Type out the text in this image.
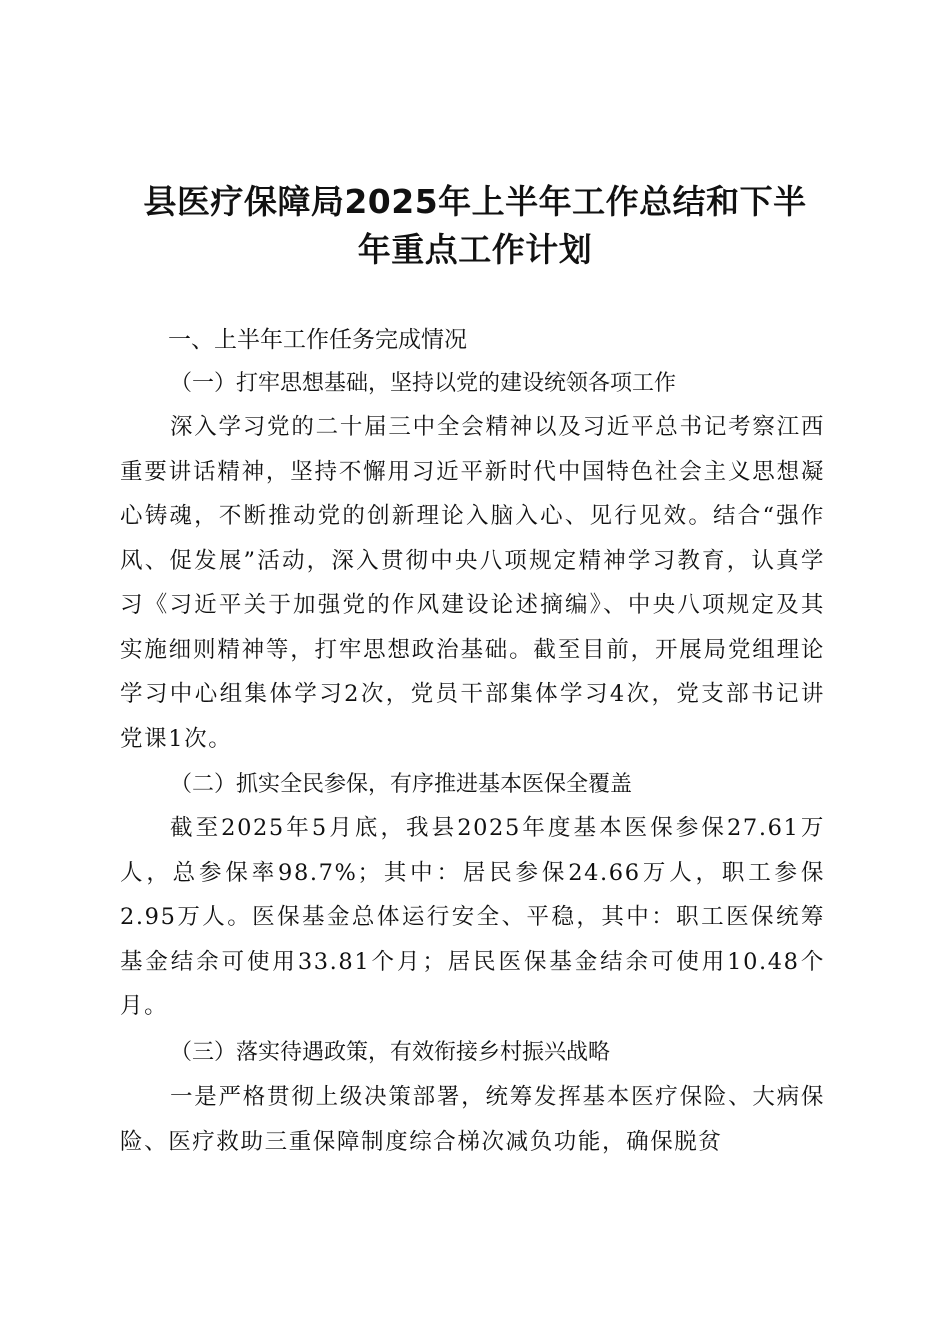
县医疗保障局2025年上半年工作总结和下半
年重点工作计划
一、上半年工作任务完成情况
（一）打牢思想基础，坚持以党的建设统领各项工作
深入学习党的二十届三中全会精神以及习近平总书记考察江西重要讲话精神，坚持不懈用习近平新时代中国特色社会主义思想凝心铸魂，不断推动党的创新理论入脑入心、见行见效。结合“强作风、促发展”活动，深入贯彻中央八项规定精神学习教育，认真学习《习近平关于加强党的作风建设论述摘编》、中央八项规定及其实施细则精神等，打牢思想政治基础。截至目前，开展局党组理论学习中心组集体学习2次，党员干部集体学习4次，党支部书记讲党课1次。
（二）抓实全民参保，有序推进基本医保全覆盖
截至2025年5月底，我县2025年度基本医保参保27.61万人，总参保率98.7%；其中：居民参保24.66万人，职工参保2.95万人。医保基金总体运行安全、平稳，其中：职工医保统筹基金结余可使用33.81个月；居民医保基金结余可使用10.48个月。
（三）落实待遇政策，有效衔接乡村振兴战略
一是严格贯彻上级决策部署，统筹发挥基本医疗保险、大病保险、医疗救助三重保障制度综合梯次减负功能，确保脱贫
